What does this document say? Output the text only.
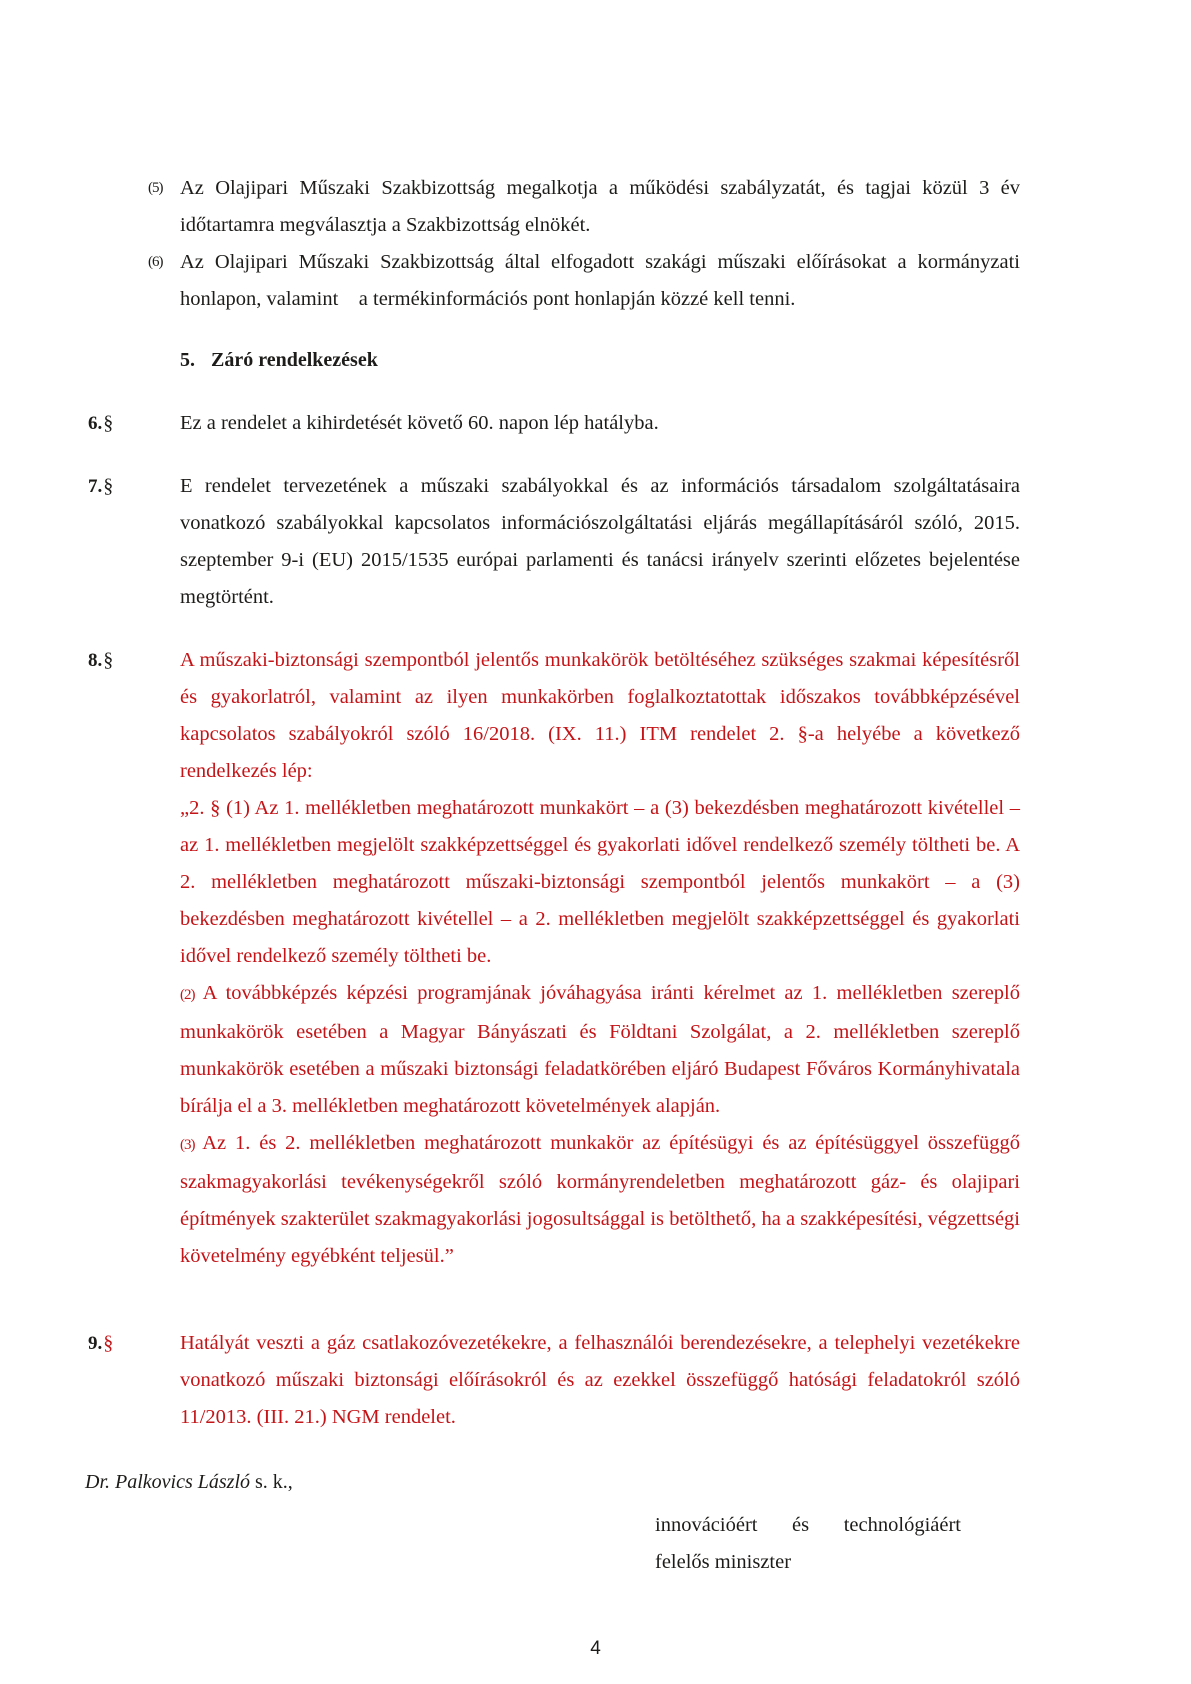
(5) Az Olajipari Műszaki Szakbizottság megalkotja a működési szabályzatát, és tagjai közül 3 év időtartamra megválasztja a Szakbizottság elnökét.
(6) Az Olajipari Műszaki Szakbizottság által elfogadott szakági műszaki előírásokat a kormányzati honlapon, valamint    a termékinformációs pont honlapján közzé kell tenni.
5. Záró rendelkezések
6.§	Ez a rendelet a kihirdetését követő 60. napon lép hatályba.

7.§	E rendelet tervezetének a műszaki szabályokkal és az információs társadalom szolgáltatásaira vonatkozó szabályokkal kapcsolatos információszolgáltatási eljárás megállapításáról szóló, 2015. szeptember 9-i (EU) 2015/1535 európai parlamenti és tanácsi irányelv szerinti előzetes bejelentése megtörtént.

8.§	A műszaki-biztonsági szempontból jelentős munkakörök betöltéséhez szükséges szakmai képesítésről és gyakorlatról, valamint az ilyen munkakörben foglalkoztatottak időszakos továbbképzésével kapcsolatos szabályokról szóló 16/2018. (IX. 11.) ITM rendelet 2. §-a helyébe a következő rendelkezés lép:

„2. § (1) Az 1. mellékletben meghatározott munkakört – a (3) bekezdésben meghatározott kivétellel – az 1. mellékletben megjelölt szakképzettséggel és gyakorlati idővel rendelkező személy töltheti be. A 2. mellékletben meghatározott műszaki-biztonsági szempontból jelentős munkakört – a (3) bekezdésben meghatározott kivétellel – a 2. mellékletben megjelölt szakképzettséggel és gyakorlati idővel rendelkező személy töltheti be.

(2) A továbbképzés képzési programjának jóváhagyása iránti kérelmet az 1. mellékletben szereplő munkakörök esetében a Magyar Bányászati és Földtani Szolgálat, a 2. mellékletben szereplő munkakörök esetében a műszaki biztonsági feladatkörében eljáró Budapest Főváros Kormányhivatala bírálja el a 3. mellékletben meghatározott követelmények alapján.

(3) Az 1. és 2. mellékletben meghatározott munkakör az építésügyi és az építésüggyel összefüggő szakmagyakorlási tevékenységekről szóló kormányrendeletben meghatározott gáz- és olajipari építmények szakterület szakmagyakorlási jogosultsággal is betölthető, ha a szakképesítési, végzettségi követelmény egyébként teljesül.”

9.§	Hatályát veszti a gáz csatlakozóvezetékekre, a felhasználói berendezésekre, a telephelyi vezetékekre vonatkozó műszaki biztonsági előírásokról és az ezekkel összefüggő hatósági feladatokról szóló 11/2013. (III. 21.) NGM rendelet.

Dr. Palkovics László s. k.,

innovációért és technológiáért

felelős miniszter

4
